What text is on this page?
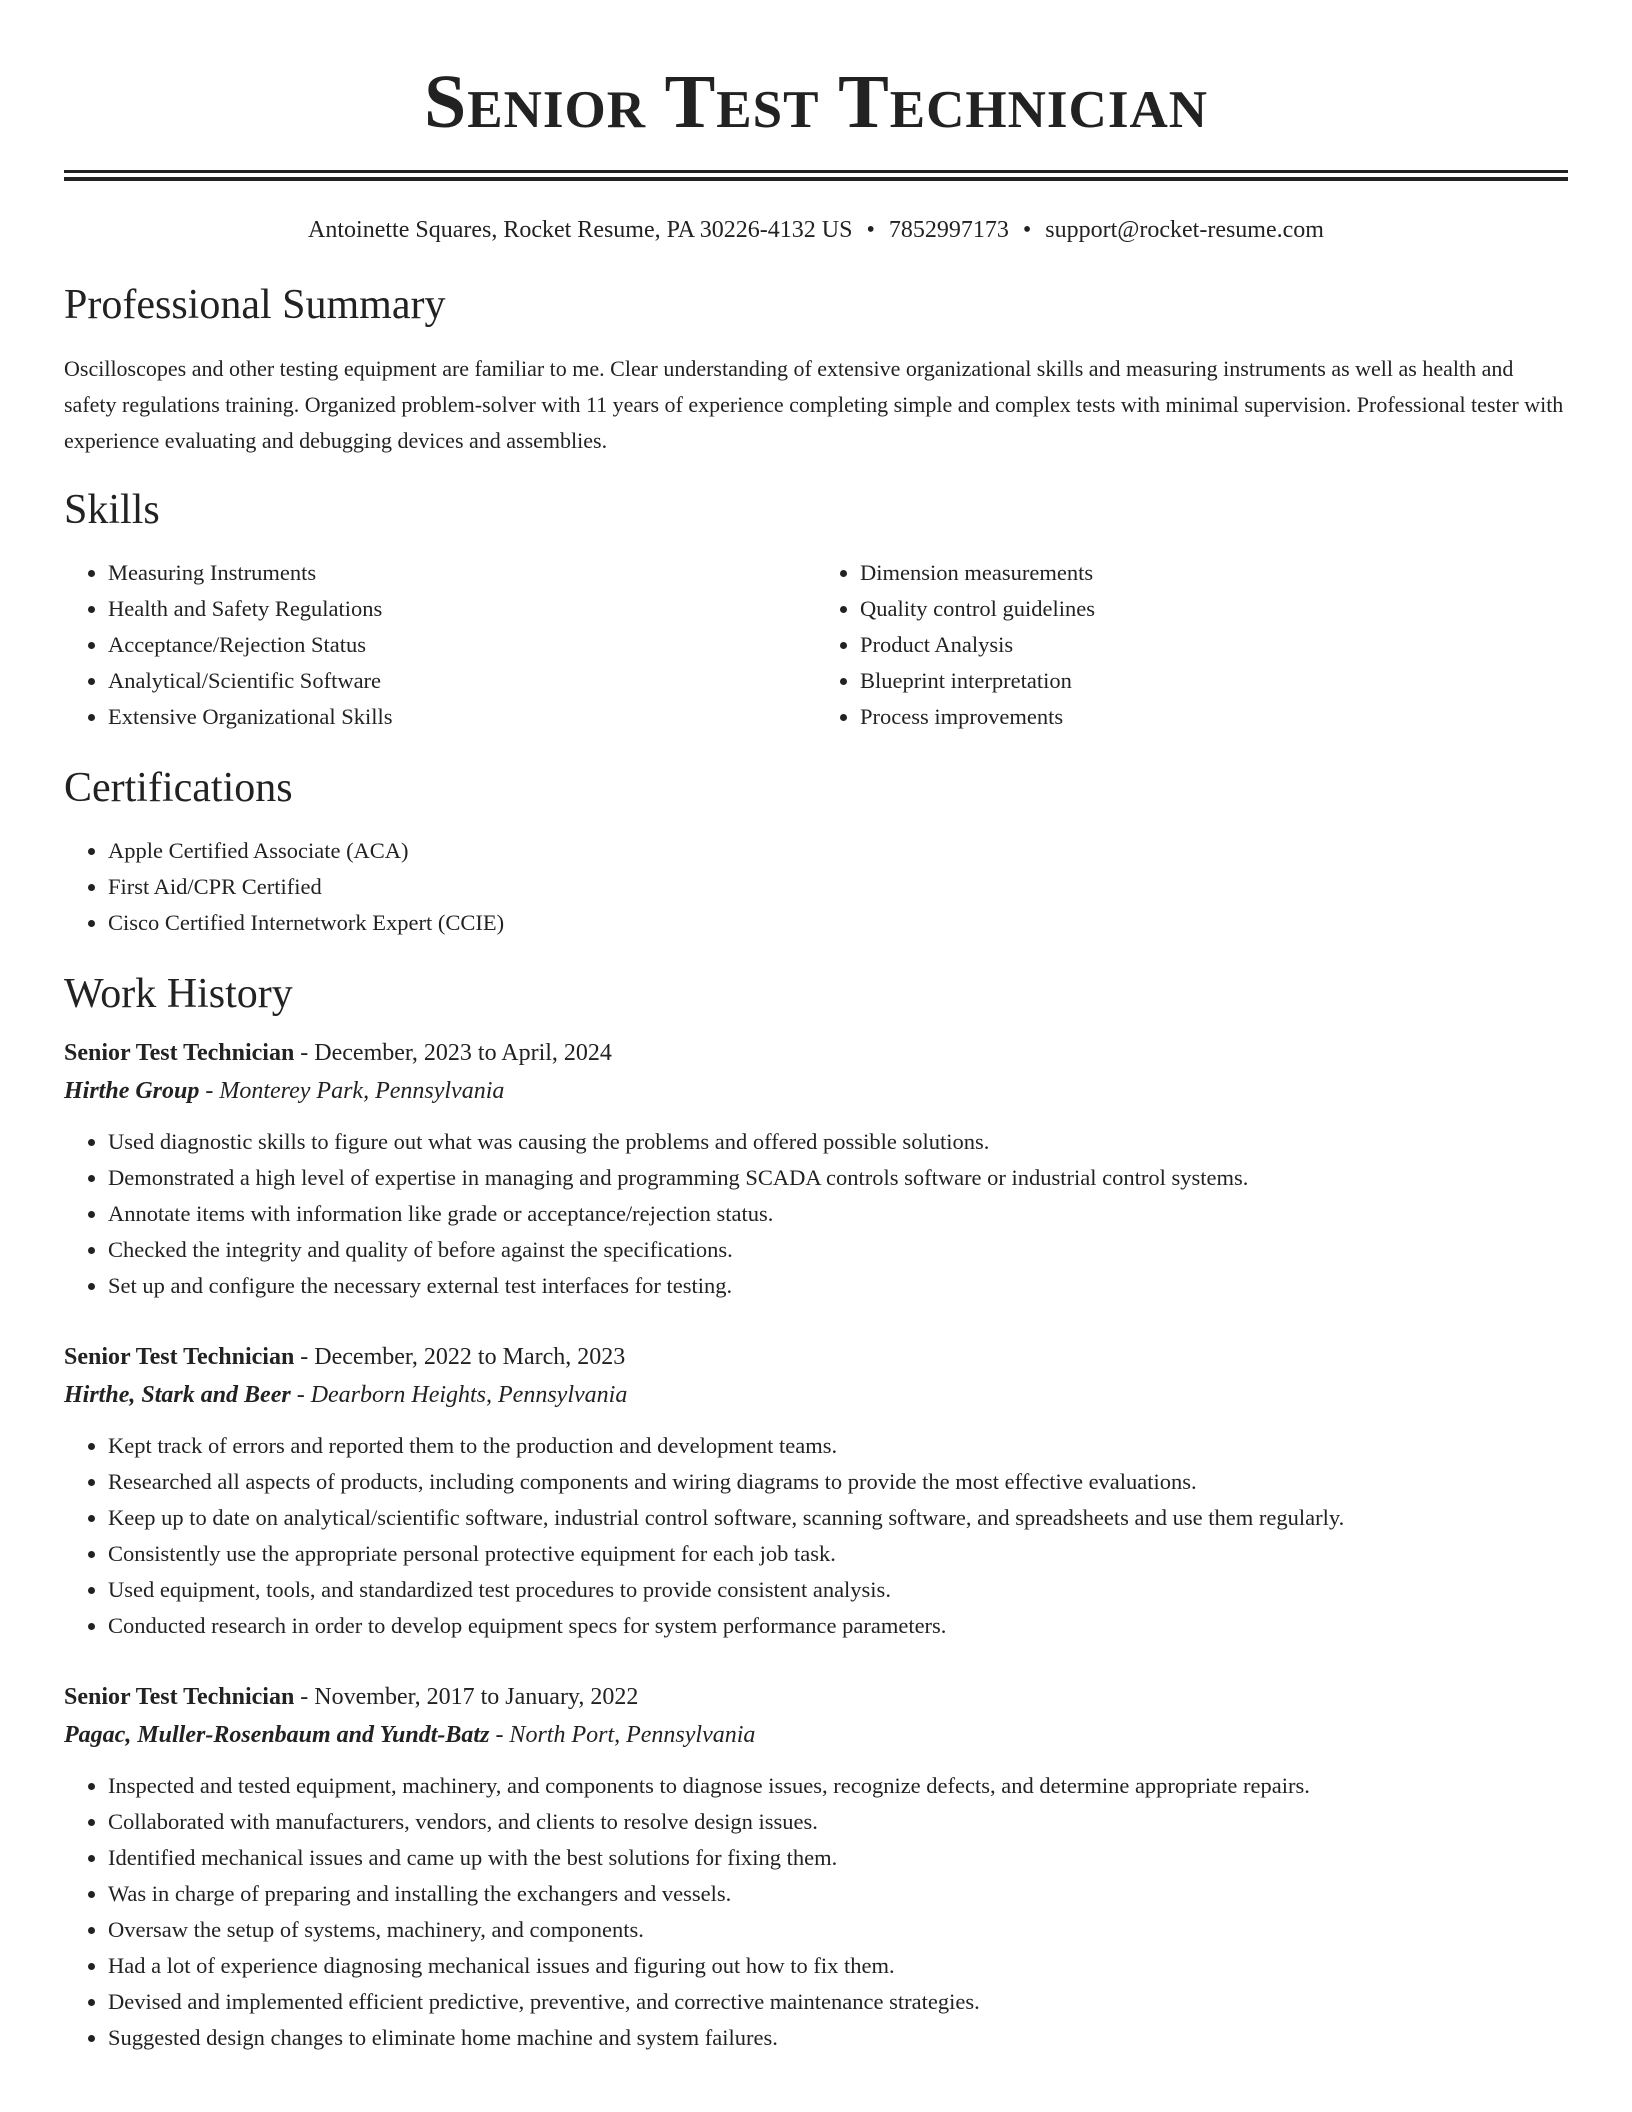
Senior Test Technician
Antoinette Squares, Rocket Resume, PA 30226-4132 US • 7852997173 • support@rocket-resume.com
Professional Summary

Oscilloscopes and other testing equipment are familiar to me. Clear understanding of extensive organizational skills and measuring instruments as well as health and safety regulations training. Organized problem-solver with 11 years of experience completing simple and complex tests with minimal supervision. Professional tester with experience evaluating and debugging devices and assemblies.

Skills
• Measuring Instruments
• Health and Safety Regulations
• Acceptance/Rejection Status
• Analytical/Scientific Software
• Extensive Organizational Skills
• Dimension measurements
• Quality control guidelines
• Product Analysis
• Blueprint interpretation
• Process improvements
Certifications
• Apple Certified Associate (ACA)
• First Aid/CPR Certified
• Cisco Certified Internetwork Expert (CCIE)
Work History

Senior Test Technician - December, 2023 to April, 2024

Hirthe Group - Monterey Park, Pennsylvania

• Used diagnostic skills to figure out what was causing the problems and offered possible solutions.
• Demonstrated a high level of expertise in managing and programming SCADA controls software or industrial control systems.
• Annotate items with information like grade or acceptance/rejection status.
• Checked the integrity and quality of before against the specifications.
• Set up and configure the necessary external test interfaces for testing.

Senior Test Technician - December, 2022 to March, 2023

Hirthe, Stark and Beer - Dearborn Heights, Pennsylvania

• Kept track of errors and reported them to the production and development teams.
• Researched all aspects of products, including components and wiring diagrams to provide the most effective evaluations.
• Keep up to date on analytical/scientific software, industrial control software, scanning software, and spreadsheets and use them regularly.
• Consistently use the appropriate personal protective equipment for each job task.
• Used equipment, tools, and standardized test procedures to provide consistent analysis.
• Conducted research in order to develop equipment specs for system performance parameters.

Senior Test Technician - November, 2017 to January, 2022

Pagac, Muller-Rosenbaum and Yundt-Batz - North Port, Pennsylvania

• Inspected and tested equipment, machinery, and components to diagnose issues, recognize defects, and determine appropriate repairs.
• Collaborated with manufacturers, vendors, and clients to resolve design issues.
• Identified mechanical issues and came up with the best solutions for fixing them.
• Was in charge of preparing and installing the exchangers and vessels.
• Oversaw the setup of systems, machinery, and components.
• Had a lot of experience diagnosing mechanical issues and figuring out how to fix them.
• Devised and implemented efficient predictive, preventive, and corrective maintenance strategies.
• Suggested design changes to eliminate home machine and system failures.
